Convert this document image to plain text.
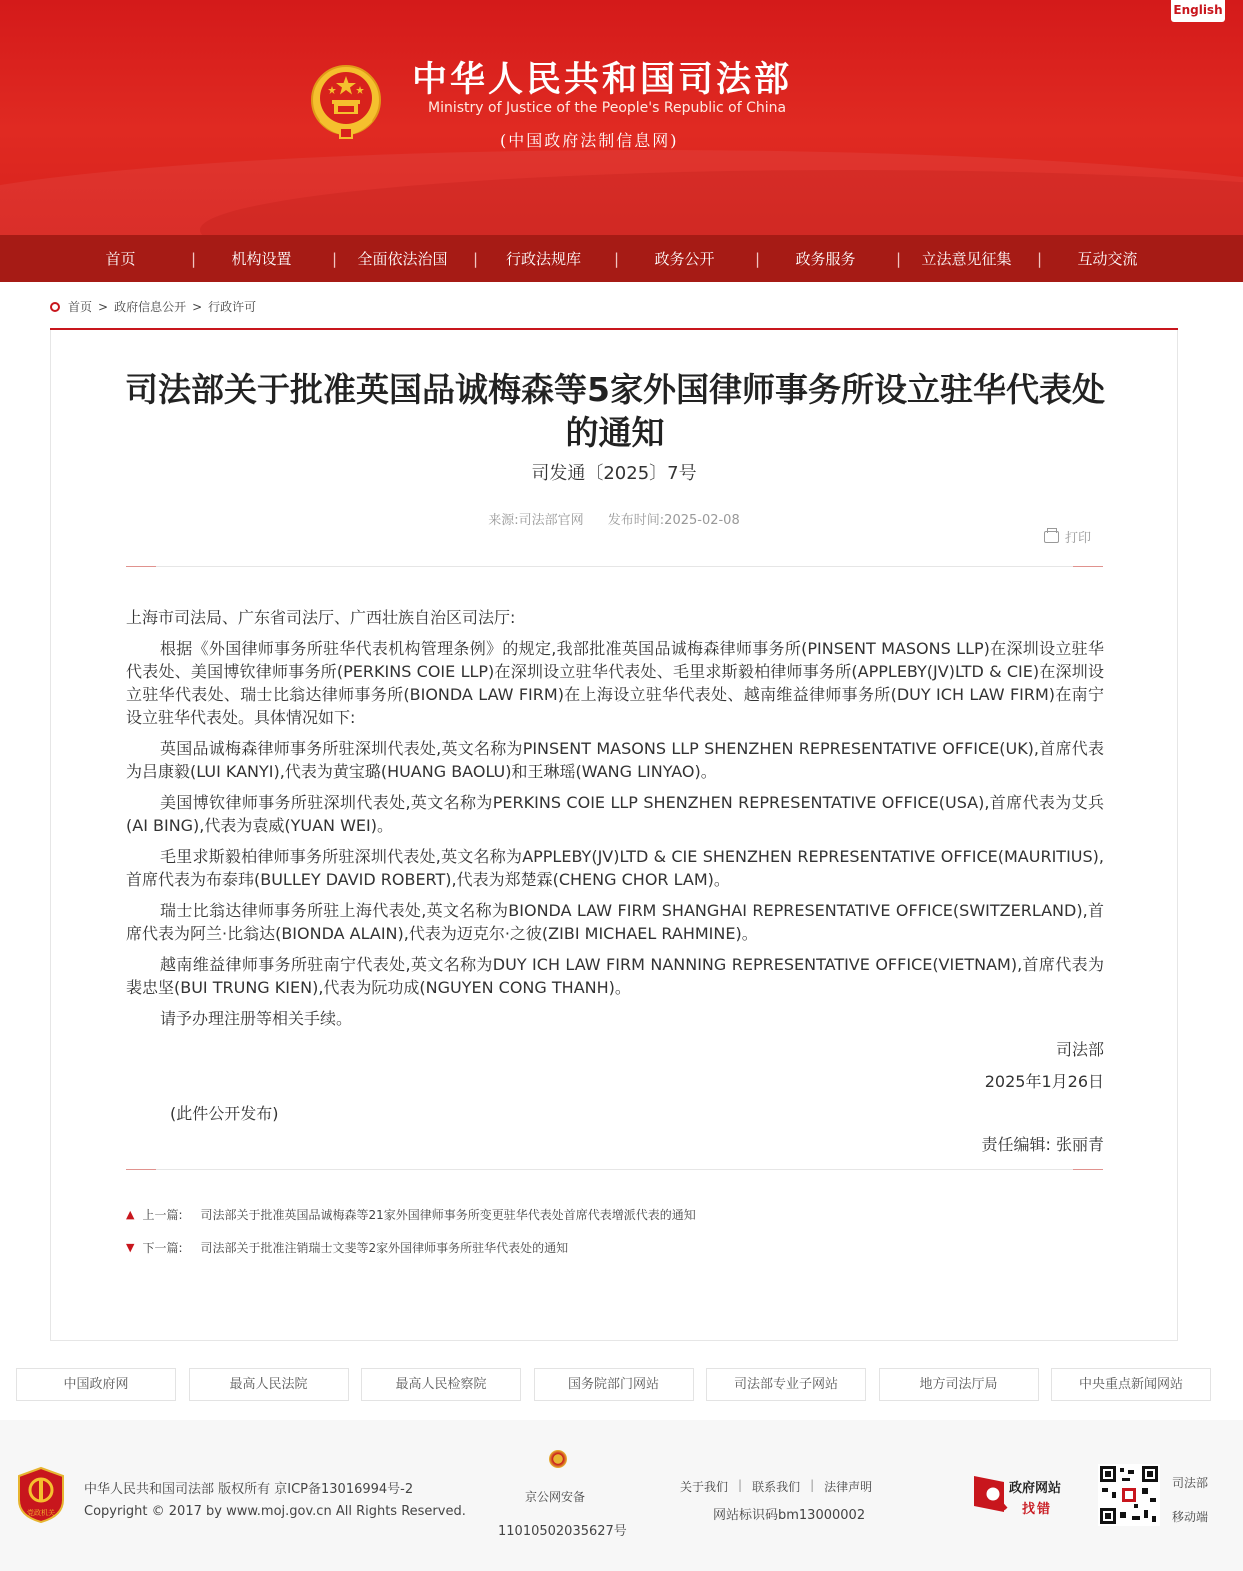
English
中华人民共和国司法部
Ministry of Justice of the People's Republic of China
(中国政府法制信息网)
首页	|	机构设置	|	全面依法治国	|	行政法规库	|	政务公开	|	政务服务	|	立法意见征集	|	互动交流
首页 > 政府信息公开 > 行政许可
司法部关于批准英国品诚梅森等5家外国律师事务所设立驻华代表处的通知
司发通〔2025〕7号
来源:司法部官网 发布时间:2025-02-08
打印

上海市司法局、广东省司法厅、广西壮族自治区司法厅:

根据《外国律师事务所驻华代表机构管理条例》的规定,我部批准英国品诚梅森律师事务所(PINSENT MASONS LLP)在深圳设立驻华代表处、美国博钦律师事务所(PERKINS COIE LLP)在深圳设立驻华代表处、毛里求斯毅柏律师事务所(APPLEBY(JV)LTD & CIE)在深圳设立驻华代表处、瑞士比翁达律师事务所(BIONDA LAW FIRM)在上海设立驻华代表处、越南维益律师事务所(DUY ICH LAW FIRM)在南宁设立驻华代表处。具体情况如下:

英国品诚梅森律师事务所驻深圳代表处,英文名称为PINSENT MASONS LLP SHENZHEN REPRESENTATIVE OFFICE(UK),首席代表为吕康毅(LUI KANYI),代表为黄宝璐(HUANG BAOLU)和王琳瑶(WANG LINYAO)。

美国博钦律师事务所驻深圳代表处,英文名称为PERKINS COIE LLP SHENZHEN REPRESENTATIVE OFFICE(USA),首席代表为艾兵(AI BING),代表为袁威(YUAN WEI)。

毛里求斯毅柏律师事务所驻深圳代表处,英文名称为APPLEBY(JV)LTD & CIE SHENZHEN REPRESENTATIVE OFFICE(MAURITIUS),首席代表为布泰玮(BULLEY DAVID ROBERT),代表为郑楚霖(CHENG CHOR LAM)。

瑞士比翁达律师事务所驻上海代表处,英文名称为BIONDA LAW FIRM SHANGHAI REPRESENTATIVE OFFICE(SWITZERLAND),首席代表为阿兰·比翁达(BIONDA ALAIN),代表为迈克尔·之彼(ZIBI MICHAEL RAHMINE)。

越南维益律师事务所驻南宁代表处,英文名称为DUY ICH LAW FIRM NANNING REPRESENTATIVE OFFICE(VIETNAM),首席代表为裴忠坚(BUI TRUNG KIEN),代表为阮功成(NGUYEN CONG THANH)。

请予办理注册等相关手续。

司法部

2025年1月26日

(此件公开发布)

责任编辑: 张丽青

▲ 上一篇: 司法部关于批准英国品诚梅森等21家外国律师事务所变更驻华代表处首席代表增派代表的通知
▼ 下一篇: 司法部关于批准注销瑞士文斐等2家外国律师事务所驻华代表处的通知
中国政府网	最高人民法院	最高人民检察院	国务院部门网站	司法部专业子网站	地方司法厅局	中央重点新闻网站
党政机关
中华人民共和国司法部 版权所有 京ICP备13016994号-2
Copyright © 2017 by www.moj.gov.cn All Rights Reserved.
京公网安备
11010502035627号
关于我们 | 联系我们 | 法律声明
网站标识码bm13000002
政府网站
找错
司法部
移动端
